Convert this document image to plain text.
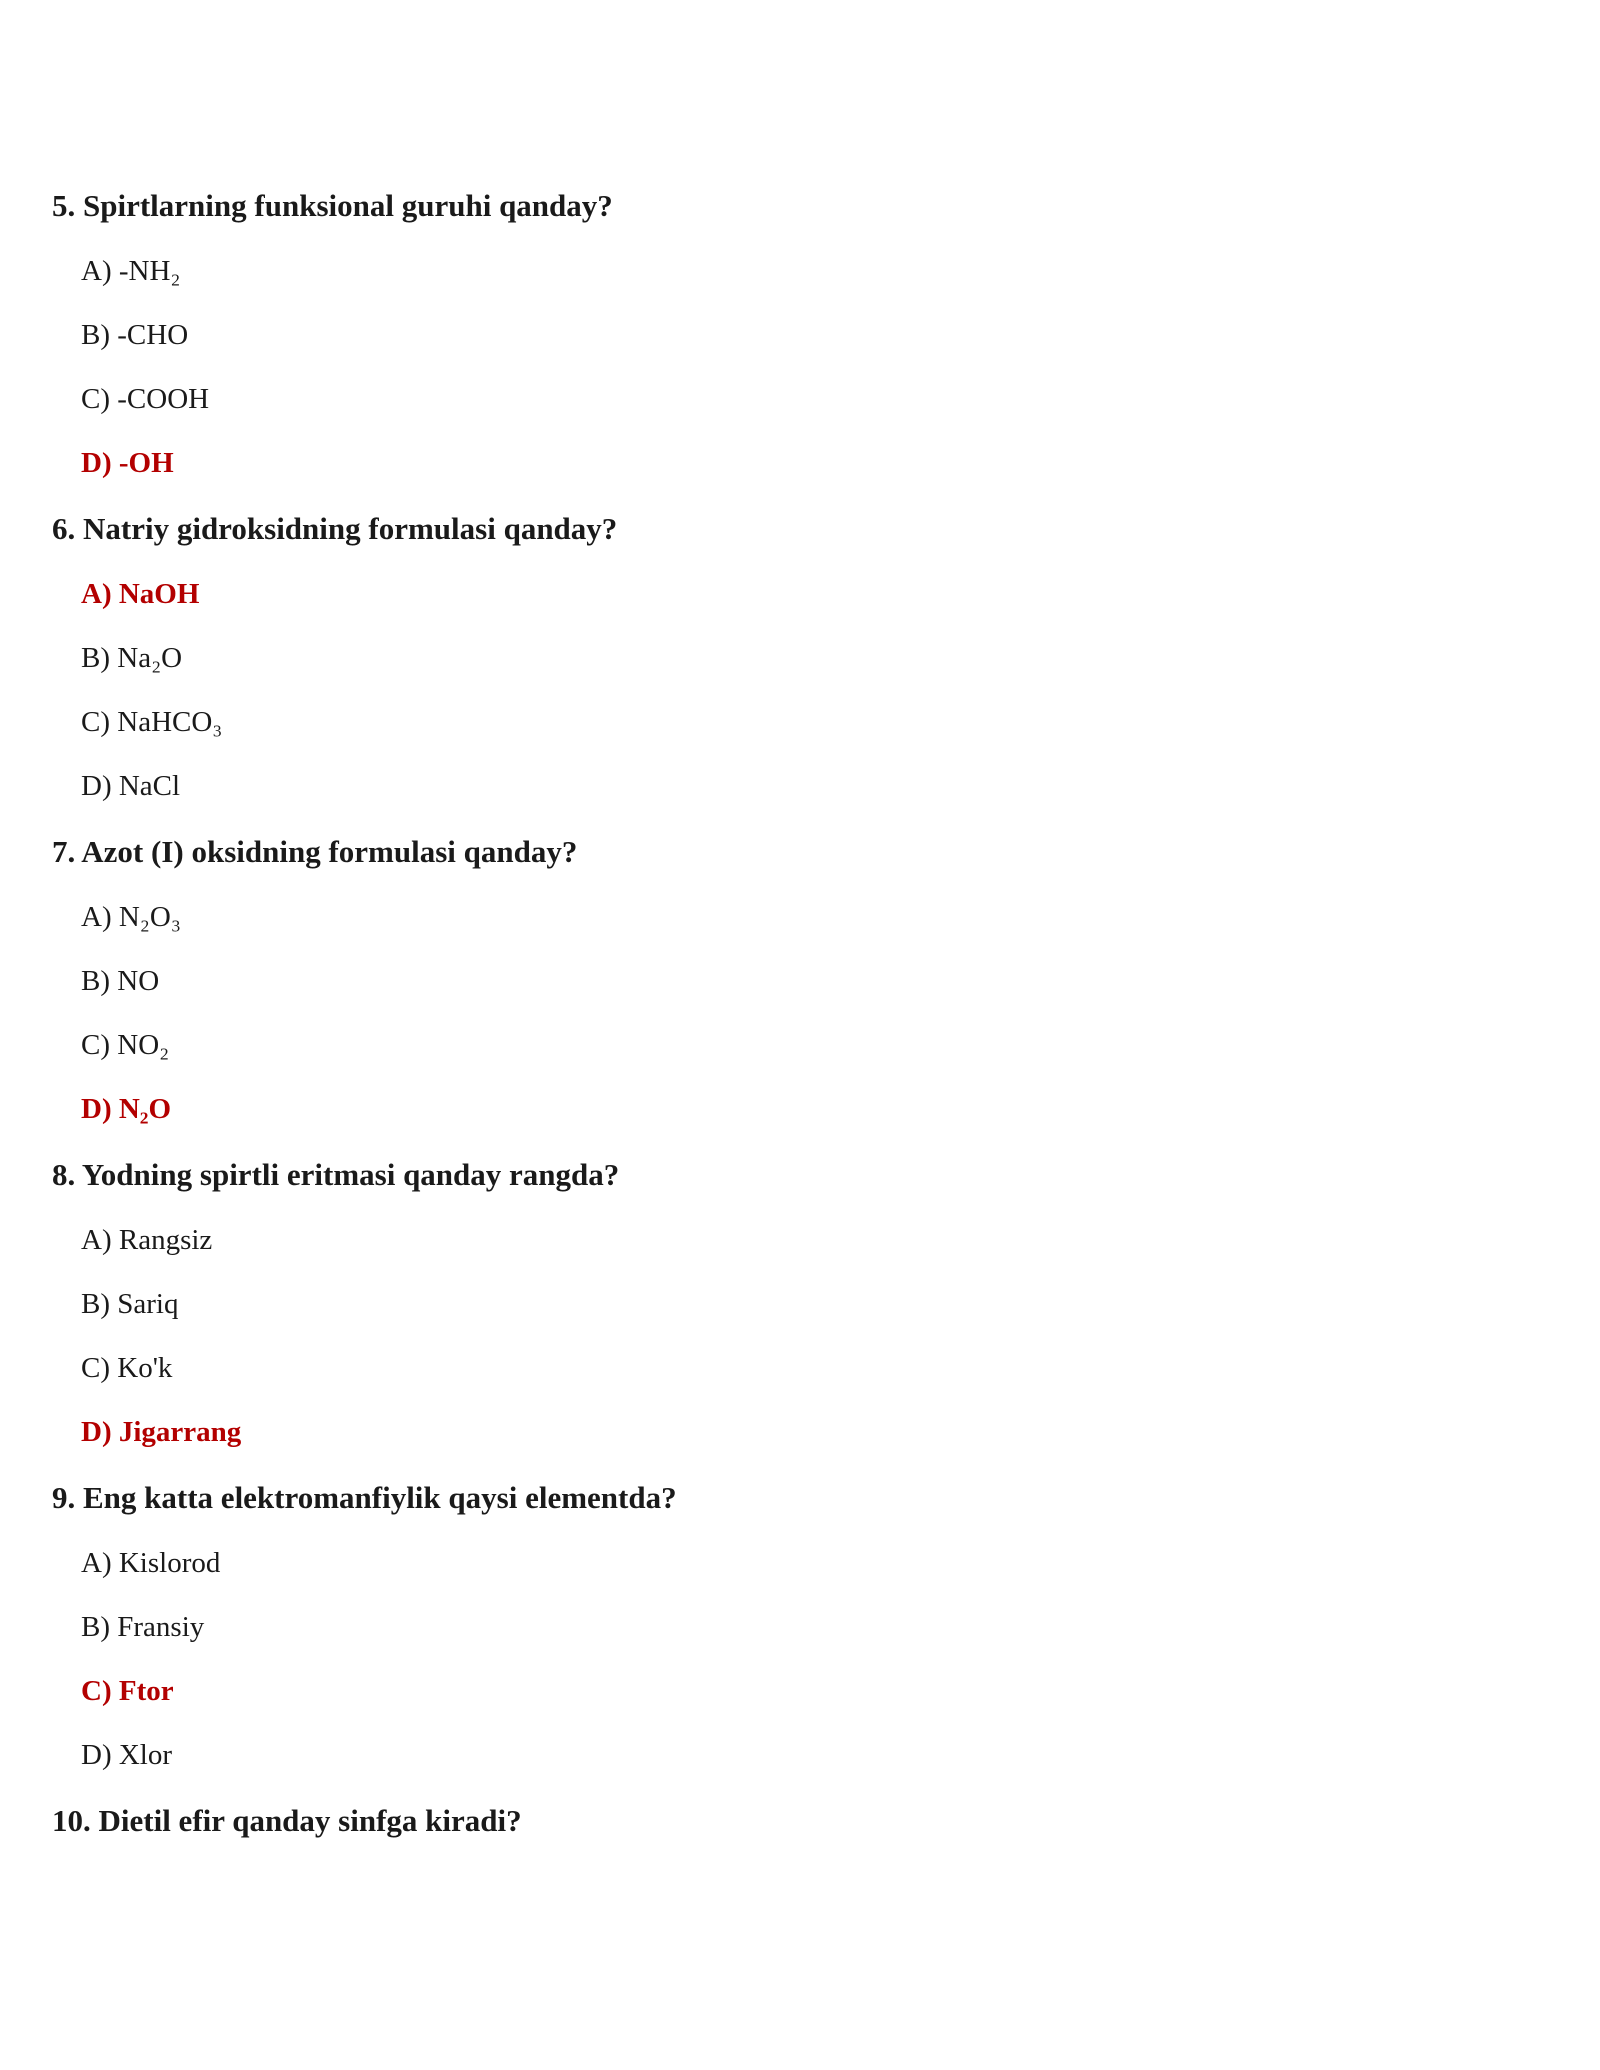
5. Spirtlarning funksional guruhi qanday?
A) -NH₂
B) -CHO
C) -COOH
D) -OH
6. Natriy gidroksidning formulasi qanday?
A) NaOH
B) Na₂O
C) NaHCO₃
D) NaCl
7. Azot (I) oksidning formulasi qanday?
A) N₂O₃
B) NO
C) NO₂
D) N₂O
8. Yodning spirtli eritmasi qanday rangda?
A) Rangsiz
B) Sariq
C) Ko'k
D) Jigarrang
9. Eng katta elektromanfiylik qaysi elementda?
A) Kislorod
B) Fransiy
C) Ftor
D) Xlor
10. Dietil efir qanday sinfga kiradi?
